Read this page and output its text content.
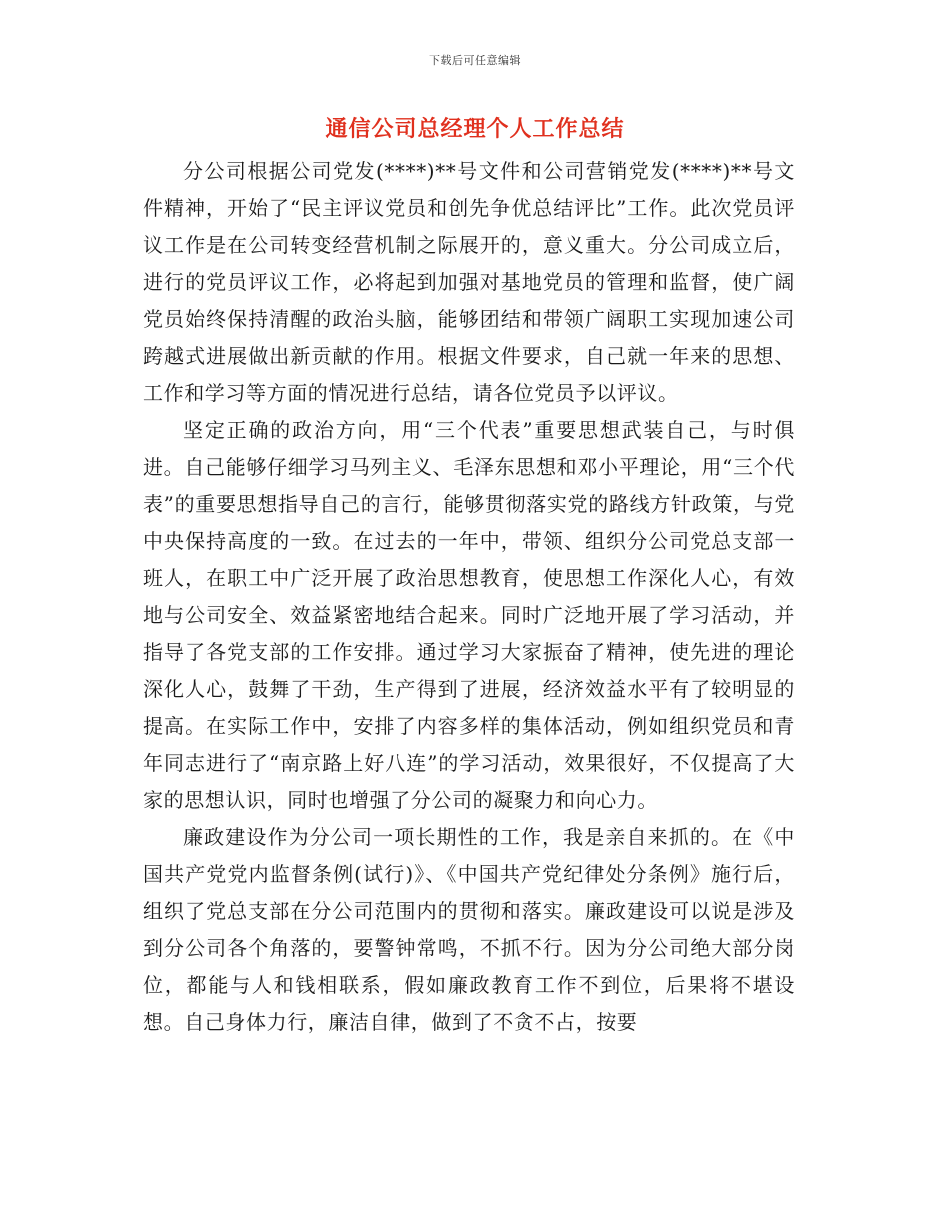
下载后可任意编辑
通信公司总经理个人工作总结

分公司根据公司党发(****)**号文件和公司营销党发(****)**号文件精神，开始了“民主评议党员和创先争优总结评比”工作。此次党员评议工作是在公司转变经营机制之际展开的，意义重大。分公司成立后，进行的党员评议工作，必将起到加强对基地党员的管理和监督，使广阔党员始终保持清醒的政治头脑，能够团结和带领广阔职工实现加速公司跨越式进展做出新贡献的作用。根据文件要求，自己就一年来的思想、工作和学习等方面的情况进行总结，请各位党员予以评议。

坚定正确的政治方向，用“三个代表”重要思想武装自己，与时俱进。自己能够仔细学习马列主义、毛泽东思想和邓小平理论，用“三个代表”的重要思想指导自己的言行，能够贯彻落实党的路线方针政策，与党中央保持高度的一致。在过去的一年中，带领、组织分公司党总支部一班人，在职工中广泛开展了政治思想教育，使思想工作深化人心，有效地与公司安全、效益紧密地结合起来。同时广泛地开展了学习活动，并指导了各党支部的工作安排。通过学习大家振奋了精神，使先进的理论深化人心，鼓舞了干劲，生产得到了进展，经济效益水平有了较明显的提高。在实际工作中，安排了内容多样的集体活动，例如组织党员和青年同志进行了“南京路上好八连”的学习活动，效果很好，不仅提高了大家的思想认识，同时也增强了分公司的凝聚力和向心力。

廉政建设作为分公司一项长期性的工作，我是亲自来抓的。在《中国共产党党内监督条例(试行)》、《中国共产党纪律处分条例》施行后，组织了党总支部在分公司范围内的贯彻和落实。廉政建设可以说是涉及到分公司各个角落的，要警钟常鸣，不抓不行。因为分公司绝大部分岗位，都能与人和钱相联系，假如廉政教育工作不到位，后果将不堪设想。自己身体力行，廉洁自律，做到了不贪不占，按要
